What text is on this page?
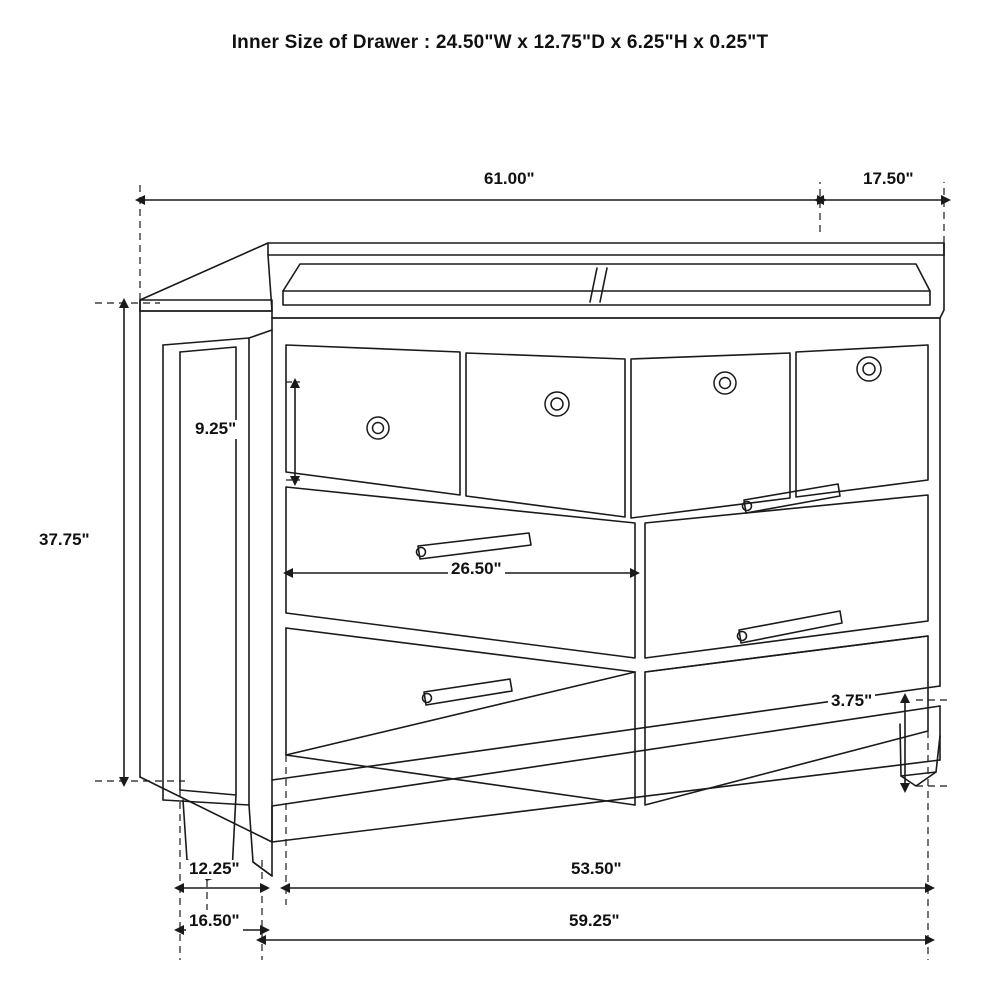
Inner Size of Drawer : 24.50"W x 12.75"D x 6.25"H x 0.25"T
61.00"	17.50"
37.75"
9.25"
26.50"
3.75"
12.25"
16.50"
53.50"
59.25"
